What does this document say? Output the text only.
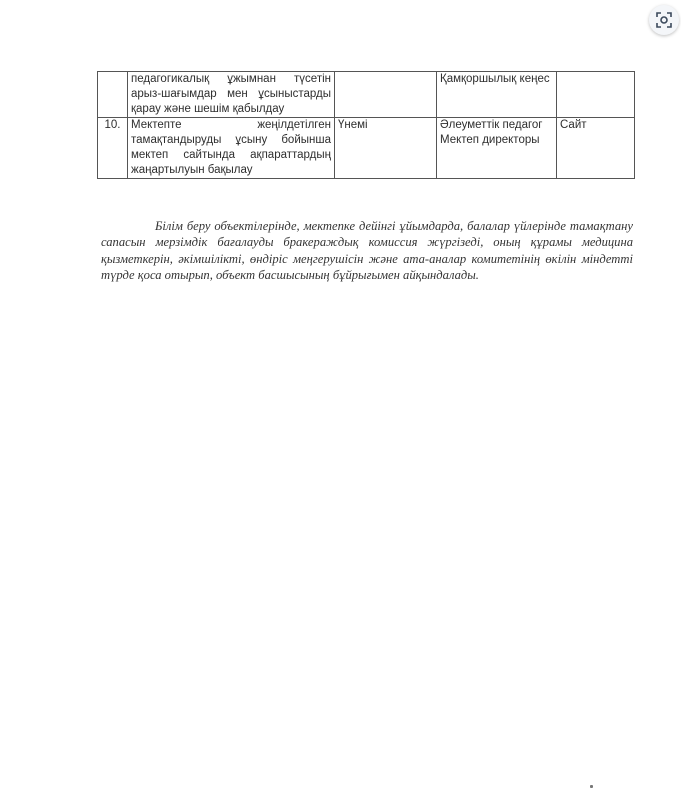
	педагогикалық ұжымнан түсетін
арыз-шағымдар мен ұсыныстарды
қарау және шешім қабылдау		Қамқоршылық кеңес	
10.	Мектепте жеңілдетілген
тамақтандыруды ұсыну бойынша
мектеп сайтында ақпараттардың
жаңартылуын бақылау	Үнемі	Әлеуметтік педагог Мектеп директоры	Сайт

Білім беру объектілерінде, мектепке дейінгі ұйымдарда, балалар үйлерінде тамақтану сапасын мерзімдік бағалауды бракераждық комиссия жүргізеді, оның құрамы медицина қызметкерін, әкімшілікті, өндіріс меңгерушісін және ата-аналар комитетінің өкілін міндетті түрде қоса отырып, объект басшысының бұйрығымен айқындалады.
